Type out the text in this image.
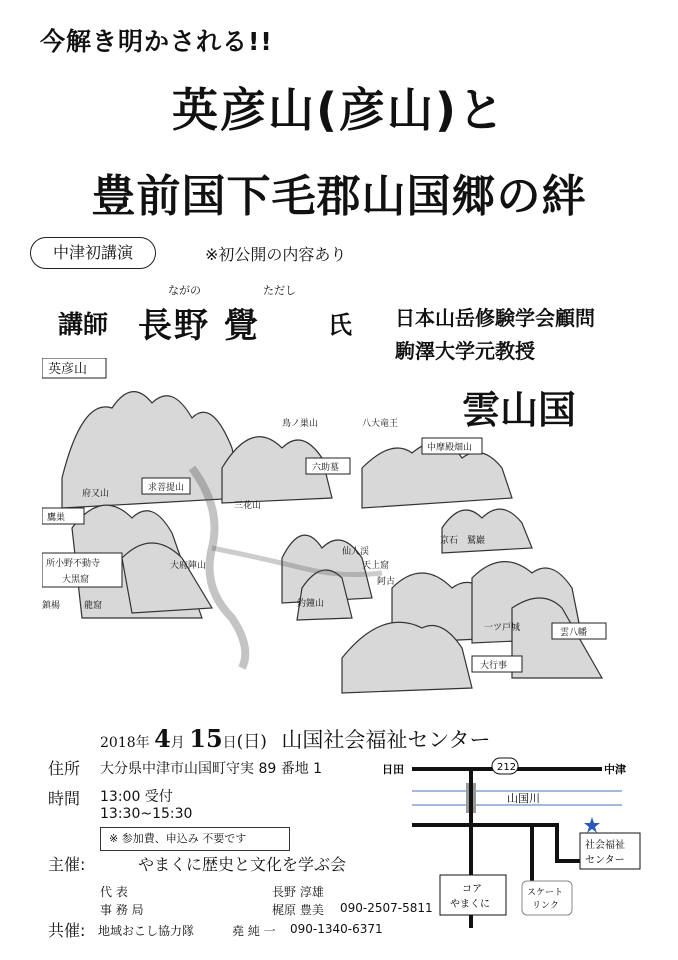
今解き明かされる!!
英彦山(彦山)と
豊前国下毛郡山国郷の絆
中津初講演	※初公開の内容あり
ながの	ただし
講師 長野 覺	氏 日本山岳修験学会顧問
駒澤大学元教授
英彦山
雲山国
鳥ノ巣山	八大竜王
中摩殿畑山
六助墓
求菩提山
三花山
府又山
鷹巣
大府陣山
所小野不動寺
大黒窟
鎮楊	龍窟
仙人渓
天上窟
阿古
釣鐘山
京石 鷲巖
一ツ戸城	雲八幡
大行事
2018年 4月 15日(日) 山国社会福祉センター
住所 大分県中津市山国町守実 89 番地 1
時間 13:00 受付
13:30~15:30
※ 参加費、申込み 不要です
主催:	やまくに歴史と文化を学ぶ会
代 表	長野 淳雄
事 務 局	梶原 豊美 090-2507-5811
共催: 地域おこし協力隊	堯 純 一 090-1340-6371
212
日田	中津
山国川
社会福祉
センター
コア
やまくに
スケート
リンク
